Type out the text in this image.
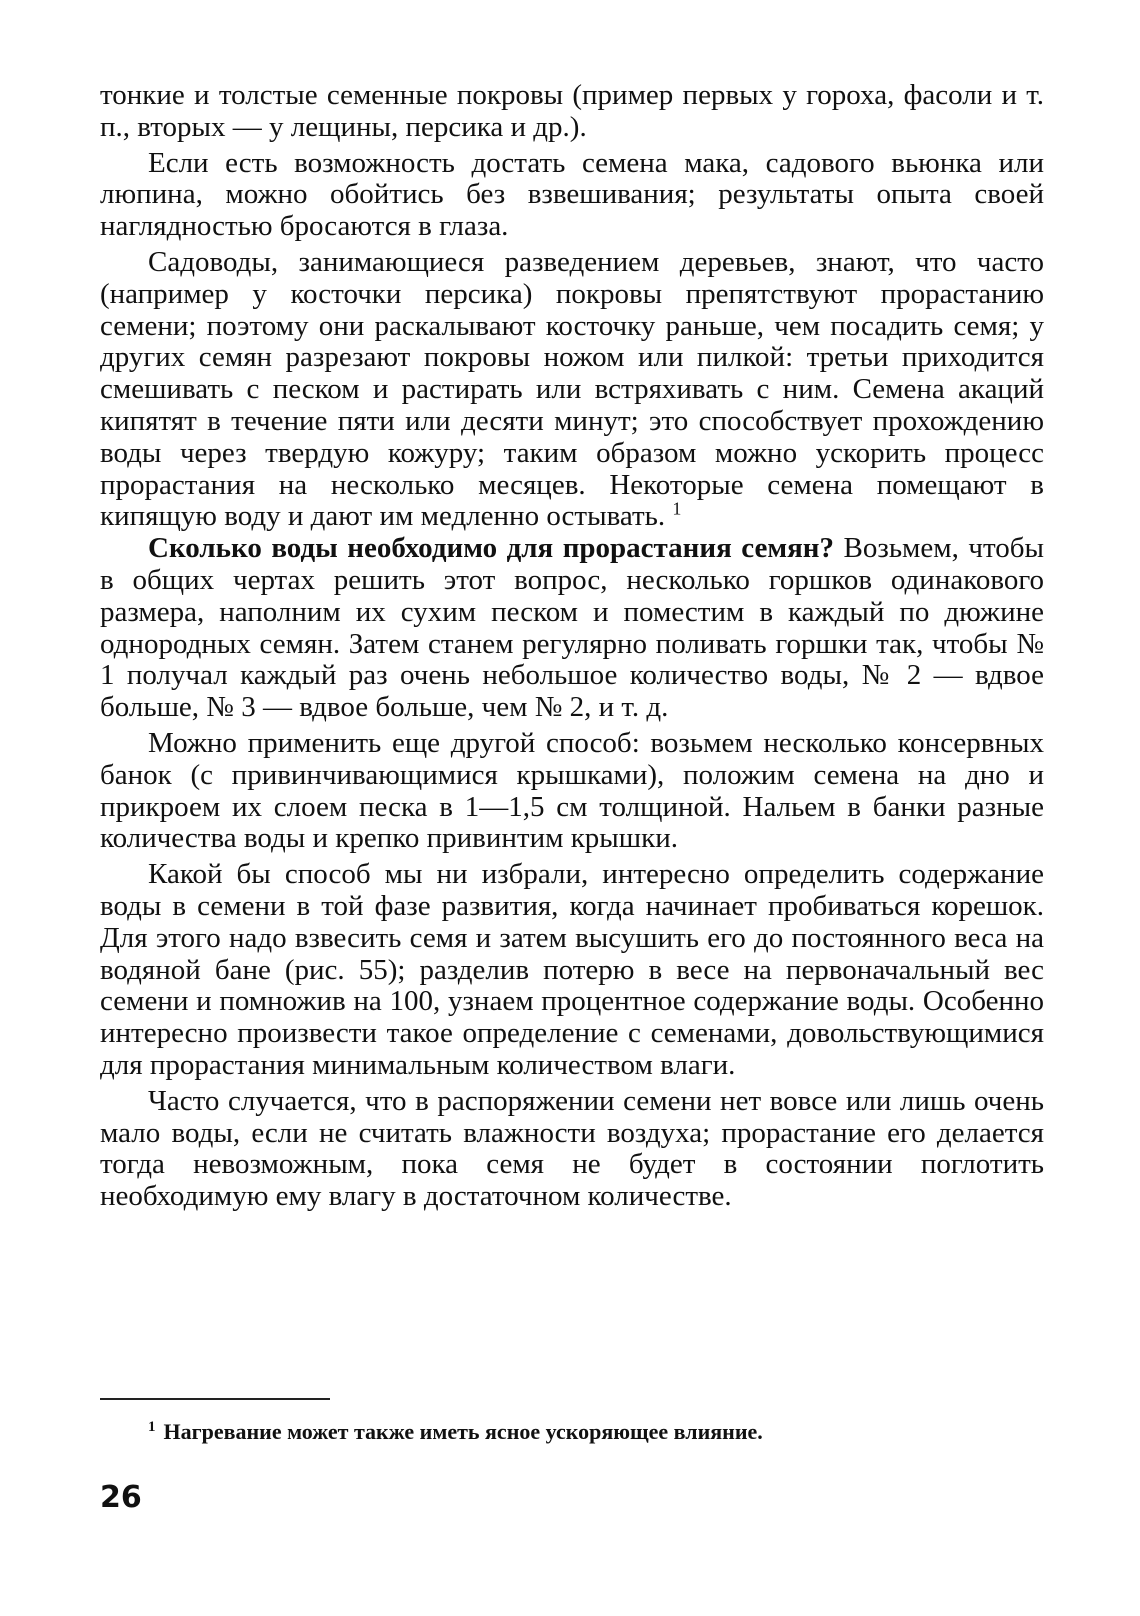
тонкие и толстые семенные покровы (пример первых у гороха, фасоли и т. п., вторых — у лещины, персика и др.).

Если есть возможность достать семена мака, садового вьюнка или люпина, можно обойтись без взвешивания; результаты опыта своей наглядностью бросаются в глаза.

Садоводы, занимающиеся разведением деревьев, знают, что часто (например у косточки персика) покровы препятствуют прорастанию семени; поэтому они раскалывают косточку раньше, чем посадить семя; у других семян разрезают покровы ножом или пилкой: третьи приходится смешивать с песком и растирать или встряхивать с ним. Семена акаций кипятят в течение пяти или десяти минут; это способствует прохождению воды через твердую кожуру; таким образом можно ускорить процесс прорастания на несколько месяцев. Некоторые семена помещают в кипящую воду и дают им медленно остывать. $^1$

Сколько воды необходимо для прорастания семян? Возьмем, чтобы в общих чертах решить этот вопрос, несколько горшков одинакового размера, наполним их сухим песком и поместим в каждый по дюжине однородных семян. Затем станем регулярно поливать горшки так, чтобы № 1 получал каждый раз очень небольшое количество воды, № 2 — вдвое больше, № 3 — вдвое больше, чем № 2, и т. д.

Можно применить еще другой способ: возьмем несколько консервных банок (с привинчивающимися крышками), положим семена на дно и прикроем их слоем песка в 1—1,5 см толщиной. Нальем в банки разные количества воды и крепко привинтим крышки.

Какой бы способ мы ни избрали, интересно определить содержание воды в семени в той фазе развития, когда начинает пробиваться корешок. Для этого надо взвесить семя и затем высушить его до постоянного веса на водяной бане (рис. 55); разделив потерю в весе на первоначальный вес семени и помножив на 100, узнаем процентное содержание воды. Особенно интересно произвести такое определение с семенами, довольствующимися для прорастания минимальным количеством влаги.

Часто случается, что в распоряжении семени нет вовсе или лишь очень мало воды, если не считать влажности воздуха; прорастание его делается тогда невозможным, пока семя не будет в состоянии поглотить необходимую ему влагу в достаточном количестве.

$^1$ Нагревание может также иметь ясное ускоряющее влияние.
26
